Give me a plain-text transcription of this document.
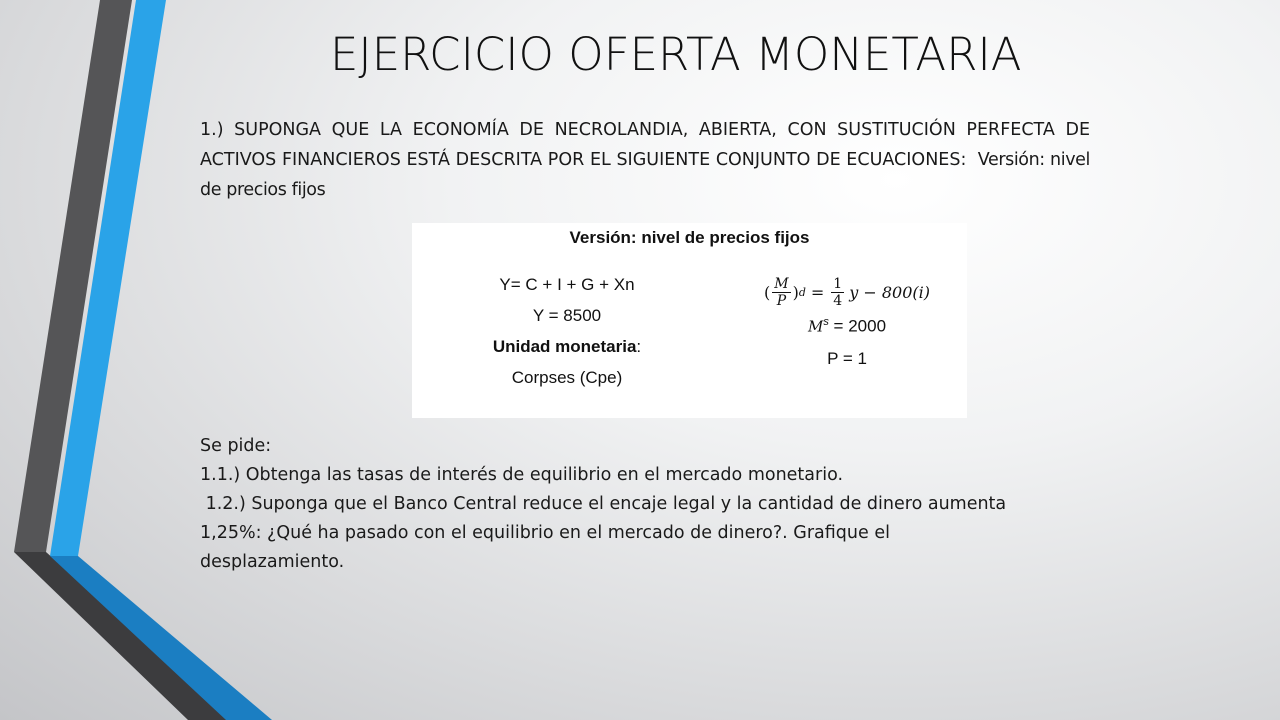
EJERCICIO OFERTA MONETARIA
1.) SUPONGA QUE LA ECONOMÍA DE NECROLANDIA, ABIERTA, CON SUSTITUCIÓN PERFECTA DE ACTIVOS FINANCIEROS ESTÁ DESCRITA POR EL SIGUIENTE CONJUNTO DE ECUACIONES: Versión: nivel de precios fijos
Versión: nivel de precios fijos
Y= C + I + G + Xn
Y = 8500
Unidad monetaria:
Corpses (Cpe)
( $\frac{M}{P}$ ) $d = \frac{1}{4}$ y − 800(i)
$M^s = 2000$
P = 1
Se pide:
1.1.) Obtenga las tasas de interés de equilibrio en el mercado monetario.
1.2.) Suponga que el Banco Central reduce el encaje legal y la cantidad de dinero aumenta
1,25%: ¿Qué ha pasado con el equilibrio en el mercado de dinero?. Grafique el
desplazamiento.
